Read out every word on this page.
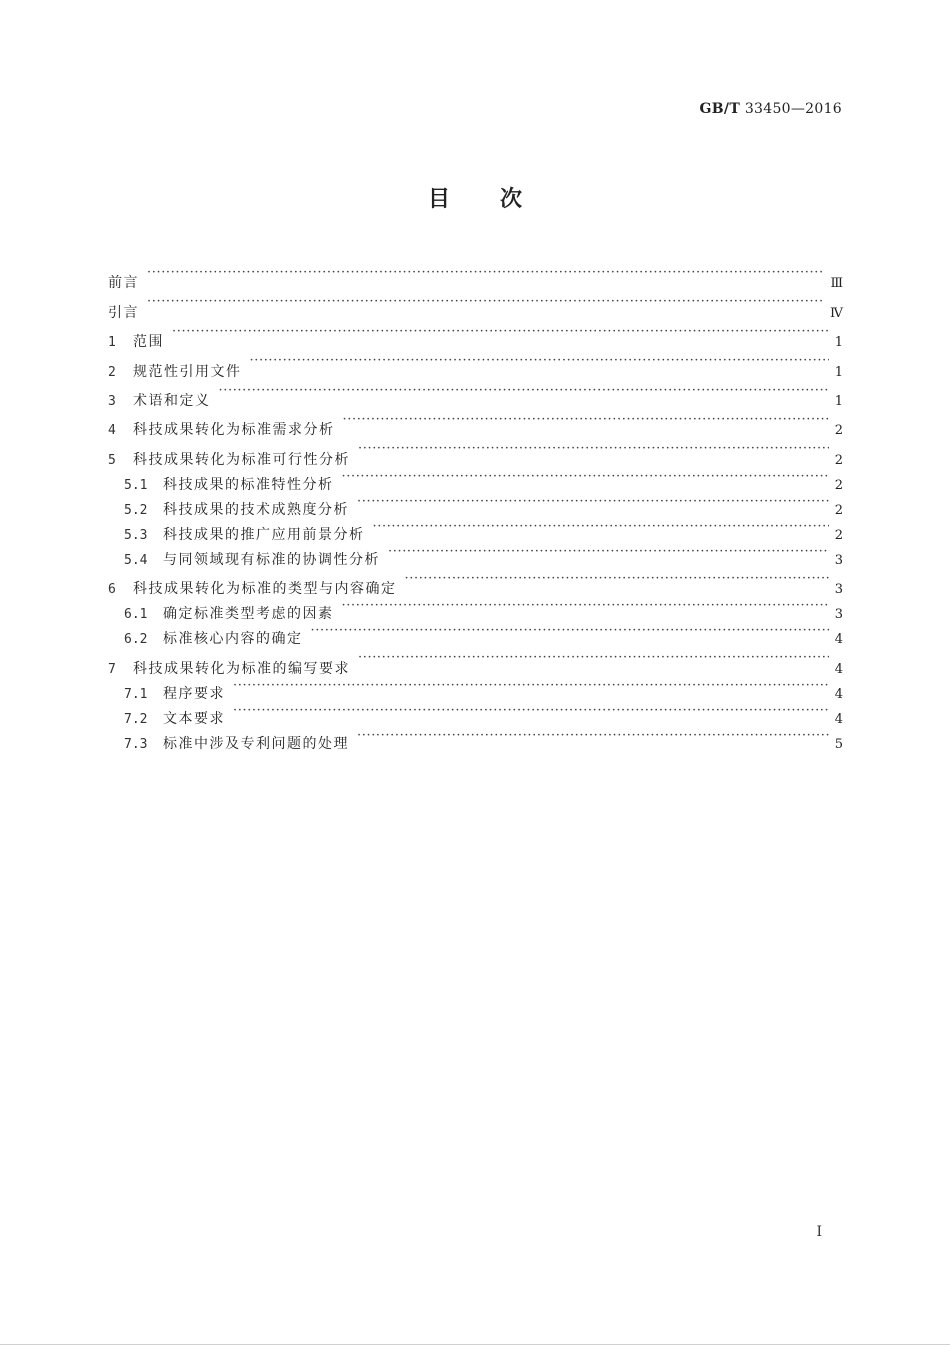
GB/T 33450—2016
目次
前言 ·····	Ⅲ
引言 ·····	Ⅳ
1	范围 ·····	1
2	规范性引用文件 ·····	1
3	术语和定义 ·····	1
4	科技成果转化为标准需求分析 ·····	2
5	科技成果转化为标准可行性分析 ·····	2
5.1	科技成果的标准特性分析 ·····	2
5.2	科技成果的技术成熟度分析 ·····	2
5.3	科技成果的推广应用前景分析 ·····	2
5.4	与同领域现有标准的协调性分析 ·····	3
6	科技成果转化为标准的类型与内容确定 ·····	3
6.1	确定标准类型考虑的因素 ·····	3
6.2	标准核心内容的确定 ·····	4
7	科技成果转化为标准的编写要求 ·····	4
7.1	程序要求 ·····	4
7.2	文本要求 ·····	4
7.3	标准中涉及专利问题的处理 ·····	5
Ⅰ
